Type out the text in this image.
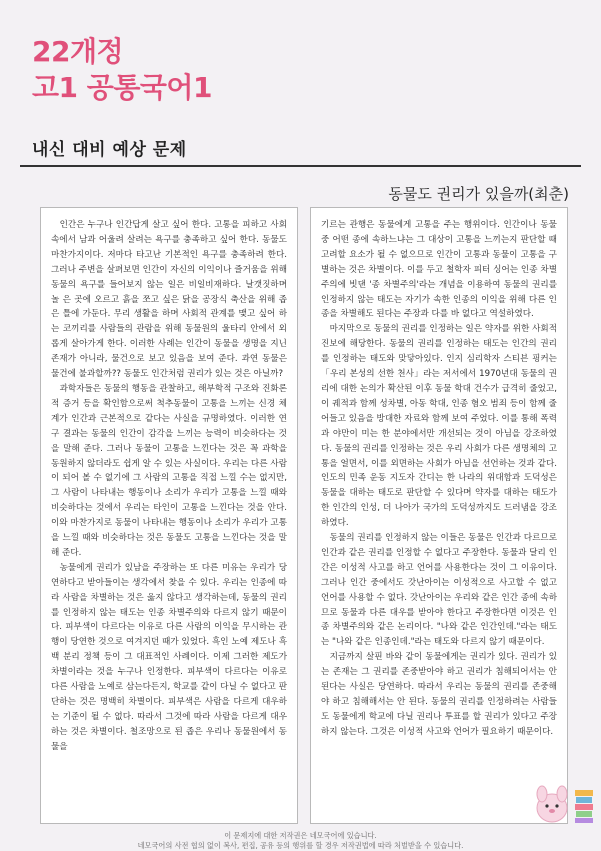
22개정
고1 공통국어1
내신 대비 예상 문제
동물도 권리가 있을까(최춘)

인간은 누구나 인간답게 살고 싶어 한다. 고통을 피하고 사회 속에서 남과 어울려 살려는 욕구를 충족하고 싶어 한다. 동물도 마찬가지이다. 저마다 타고난 기본적인 욕구를 충족하려 한다. 그러나 주변을 살펴보면 인간이 자신의 이익이나 즐거움을 위해 동물의 욕구를 들어보지 않는 일은 비일비재하다. 날갯짓하며 놀 은 곳에 오르고 흙을 쪼고 싶은 닭을 공장식 축산을 위해 좁은 틀에 가둔다. 무리 생활을 하며 사회적 관계를 맺고 싶어 하는 코끼리를 사람들의 관람을 위해 동물원의 울타리 안에서 외롭게 살아가게 한다. 이러한 사례는 인간이 동물을 생명을 지닌 존재가 아니라, 물건으로 보고 있음을 보여 준다. 과연 동물은 물건에 불과할까?? 동물도 인간처럼 권리가 있는 것은 아닐까?

과학자들은 동물의 행동을 관찰하고, 해부학적 구조와 진화론적 증거 등을 확인함으로써 척추동물이 고통을 느끼는 신경 체계가 인간과 근본적으로 같다는 사실을 규명하였다. 이러한 연구 결과는 동물의 인간이 감각을 느끼는 능력이 비슷하다는 것을 말해 준다. 그러나 동물이 고통을 느낀다는 것은 꼭 과학을 동원하지 않더라도 쉽게 알 수 있는 사실이다. 우리는 다른 사람이 되어 볼 수 없기에 그 사람의 고통을 직접 느낄 수는 없지만, 그 사람이 나타내는 행동이나 소리가 우리가 고통을 느낄 때와 비슷하다는 것에서 우리는 타인이 고통을 느낀다는 것을 안다. 이와 마찬가지로 동물이 나타내는 행동이나 소리가 우리가 고통을 느낄 때와 비슷하다는 것은 동물도 고통을 느낀다는 것을 말해 준다.

농물에게 권리가 있남을 주장하는 또 다른 미유는 우리가 당연하다고 받아들이는 생각에서 찾을 수 있다. 우리는 인종에 따라 사람을 차별하는 것은 옳지 않다고 생각하는데, 동물의 권리를 인정하지 않는 태도는 인종 차별주의와 다르지 않기 때문이다. 피부색이 다르다는 이유로 다른 사람의 이익을 무시하는 관행이 당연한 것으로 여겨지던 때가 있었다. 흑인 노예 제도나 흑백 분리 정책 등이 그 대표적인 사례이다. 이제 그러한 제도가 차별이라는 것을 누구나 인정한다. 피부색이 다르다는 이유로 다른 사람을 노예로 삼는다든지, 학교를 같이 다닐 수 없다고 판단하는 것은 명백히 차별이다. 피부색은 사람을 다르게 대우하는 기준이 될 수 없다. 따라서 그것에 따라 사람을 다르게 대우하는 것은 차별이다. 철조망으로 된 좁은 우리나 동물원에서 동물을

기르는 관행은 동물에게 고통을 주는 행위이다. 인간이나 동물 중 어떤 종에 속하느냐는 그 대상이 고통을 느끼는지 판단할 때 고려할 요소가 될 수 없으므로 인간이 고통과 동물이 고통을 구별하는 것은 차별이다. 이를 두고 철학자 피터 싱어는 인종 차별주의에 빗댄 '종 차별주의'라는 개념을 이용하여 동물의 권리를 인정하지 않는 태도는 자기가 속한 인종의 이익을 위해 다른 인종을 차별해도 된다는 주장과 다를 바 없다고 역설하였다.

마지막으로 동물의 권리를 인정하는 일은 약자를 위한 사회적 진보에 해당한다. 동물의 권리를 인정하는 태도는 인간의 권리를 인정하는 태도와 맞닿아있다. 인지 심리학자 스티븐 핑커는 「우리 본성의 선한 천사」라는 저서에서 1970년대 동물의 권리에 대한 논의가 확산된 이후 동물 학대 건수가 급격히 줄었고, 이 궤적과 함께 성차별, 아동 학대, 인종 혐오 범죄 등이 함께 줄어들고 있음을 방대한 자료와 함께 보여 주었다. 이를 통해 폭력과 야만이 미는 한 분야에서만 개선되는 것이 아님을 강조하였다. 동물의 권리를 인정하는 것은 우리 사회가 다른 생명체의 고통을 얼면서, 이를 외면하는 사회가 아님을 선언하는 것과 같다. 인도의 민족 운동 지도자 간디는 한 나라의 위대함과 도덕성은 동물을 대하는 태도로 판단할 수 있다며 약자를 대하는 태도가 한 인간의 인성, 더 나아가 국가의 도덕성까지도 드러냄을 강조하였다.

동물의 권리를 인정하지 않는 이들은 동물은 인간과 다르므로 인간과 같은 권리를 인정할 수 없다고 주장한다. 동물과 달리 인간은 이성적 사고를 하고 언어를 사용한다는 것이 그 이유이다. 그러나 인간 중에서도 갓난아이는 이성적으로 사고할 수 없고 언어를 사용할 수 없다. 갓난아이는 우리와 같은 인간 종에 속하므로 동물과 다른 대우를 받아야 한다고 주장한다면 이것은 인종 차별주의와 같은 논리이다. "나와 같은 인간인데."라는 태도는 "나와 같은 인종인데."라는 태도와 다르지 않기 때문이다.

지금까지 살핀 바와 같이 동물에게는 권리가 있다. 권리가 있는 존재는 그 권리를 존중받아야 하고 권리가 침해되어서는 안 된다는 사실은 당연하다. 따라서 우리는 동물의 권리를 존중해야 하고 침해해서는 안 된다. 동물의 권리를 인정하려는 사람들도 동물에게 학교에 다닐 권리나 투표를 할 권리가 있다고 주장하지 않는다. 그것은 이성적 사고와 언어가 필요하기 때문이다.

이 문제지에 대한 저작권은 네모국어에 있습니다.
네모국어의 사전 협의 없이 복사, 편집, 공유 등의 행위를 할 경우 저작권법에 따라 처벌받을 수 있습니다.
